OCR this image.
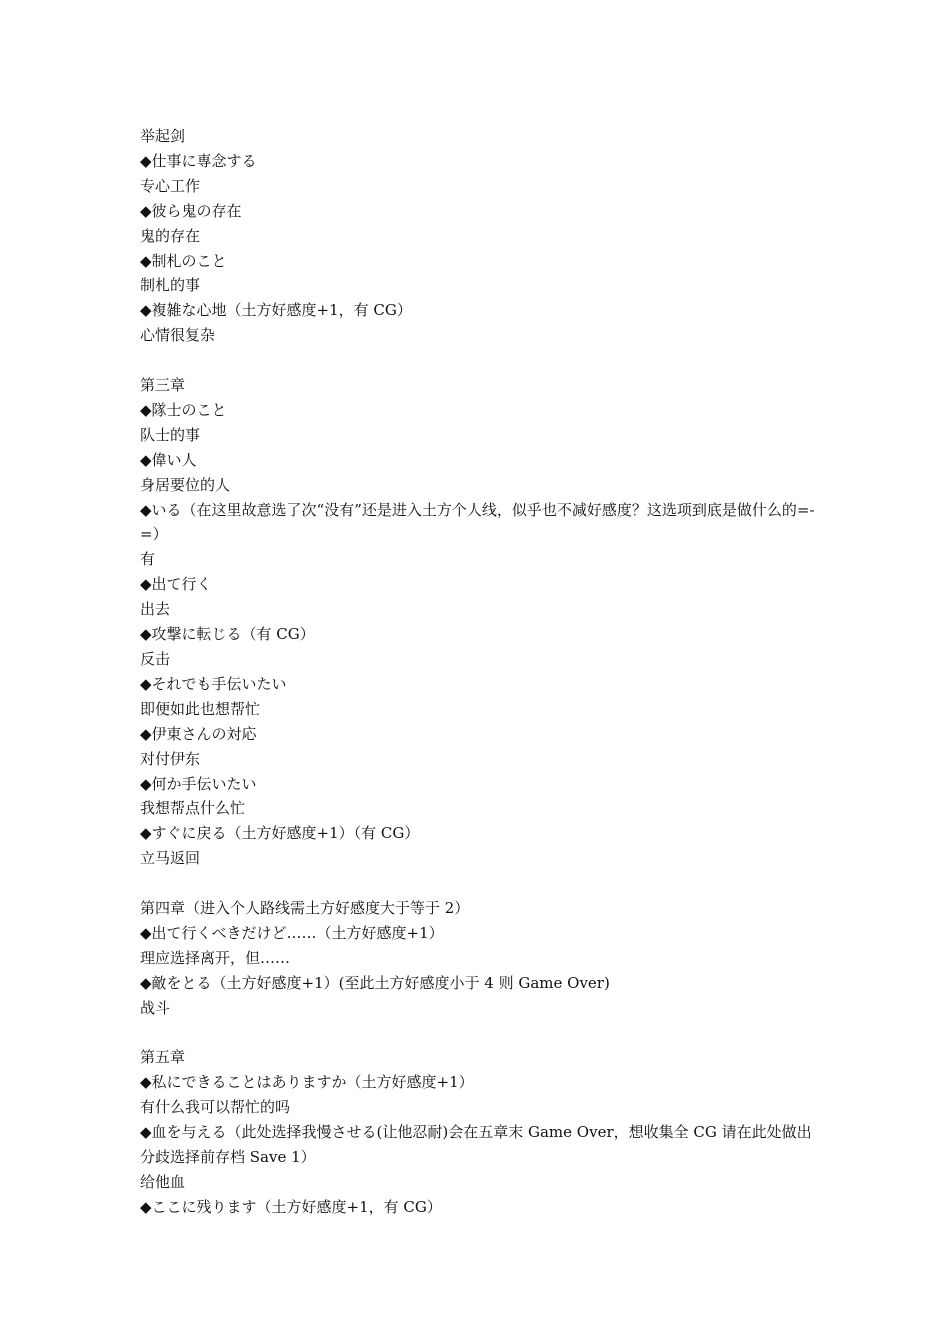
举起剑

◆仕事に専念する

专心工作

◆彼ら鬼の存在

鬼的存在

◆制札のこと

制札的事

◆複雑な心地（土方好感度+1，有 CG）

心情很复杂

第三章

◆隊士のこと

队士的事

◆偉い人

身居要位的人

◆いる（在这里故意选了次“没有”还是进入土方个人线，似乎也不减好感度？这选项到底是做什么的=-=）

有

◆出て行く

出去

◆攻撃に転じる（有 CG）

反击

◆それでも手伝いたい

即便如此也想帮忙

◆伊東さんの対応

对付伊东

◆何か手伝いたい

我想帮点什么忙

◆すぐに戻る（土方好感度+1）（有 CG）

立马返回

第四章（进入个人路线需土方好感度大于等于 2）

◆出て行くべきだけど……（土方好感度+1）

理应选择离开，但……

◆敵をとる（土方好感度+1）(至此土方好感度小于 4 则 Game Over)

战斗

第五章

◆私にできることはありますか（土方好感度+1）

有什么我可以帮忙的吗

◆血を与える（此处选择我慢させる(让他忍耐)会在五章末 Game Over，想收集全 CG 请在此处做出分歧选择前存档 Save 1）

给他血

◆ここに残ります（土方好感度+1，有 CG）
